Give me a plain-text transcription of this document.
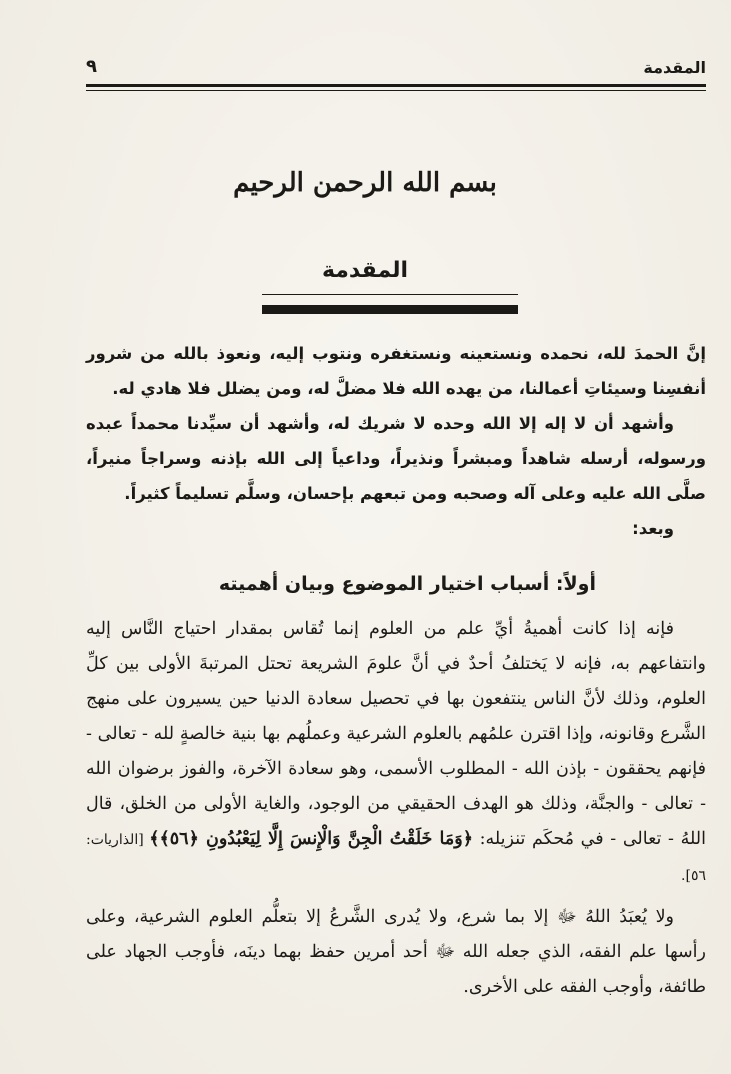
المقدمة
٩
بسم الله الرحمن الرحيم
المقدمة

إنَّ الحمدَ لله، نحمده ونستعينه ونستغفره ونتوب إليه، ونعوذ بالله من شرور أنفسِنا وسيئاتِ أعمالنا، من يهده الله فلا مضلَّ له، ومن يضلل فلا هادي له.

وأشهد أن لا إله إلا الله وحده لا شريك له، وأشهد أن سيِّدنا محمداً عبده ورسوله، أرسله شاهداً ومبشراً ونذيراً، وداعياً إلى الله بإذنه وسراجاً منيراً، صلَّى الله عليه وعلى آله وصحبه ومن تبعهم بإحسان، وسلَّم تسليماً كثيراً.

وبعد:

أولاً: أسباب اختيار الموضوع وبيان أهميته

فإنه إذا كانت أهميةُ أيِّ علم من العلوم إنما تُقاس بمقدار احتياج النَّاس إليه وانتفاعهم به، فإنه لا يَختلفُ أحدٌ في أنَّ علومَ الشريعة تحتل المرتبةَ الأولى بين كلِّ العلوم، وذلك لأنَّ الناس ينتفعون بها في تحصيل سعادة الدنيا حين يسيرون على منهج الشَّرع وقانونه، وإذا اقترن علمُهم بالعلوم الشرعية وعملُهم بها بنية خالصةٍ لله - تعالى - فإنهم يحققون - بإذن الله - المطلوب الأسمى، وهو سعادة الآخرة، والفوز برضوان الله - تعالى - والجنَّة، وذلك هو الهدف الحقيقي من الوجود، والغاية الأولى من الخلق، قال اللهُ - تعالى - في مُحكَم تنزيله: ﴿وَمَا خَلَقْتُ الْجِنَّ وَالْإِنسَ إِلَّا لِيَعْبُدُونِ ﴿٥٦﴾﴾ [الذاريات: ٥٦].

ولا يُعبَدُ اللهُ ﷻ إلا بما شرع، ولا يُدرى الشَّرعُ إلا بتعلُّم العلوم الشرعية، وعلى رأسها علم الفقه، الذي جعله الله ﷻ أحد أمرين حفظ بهما دينَه، فأوجب الجهاد على طائفة، وأوجب الفقه على الأخرى.
